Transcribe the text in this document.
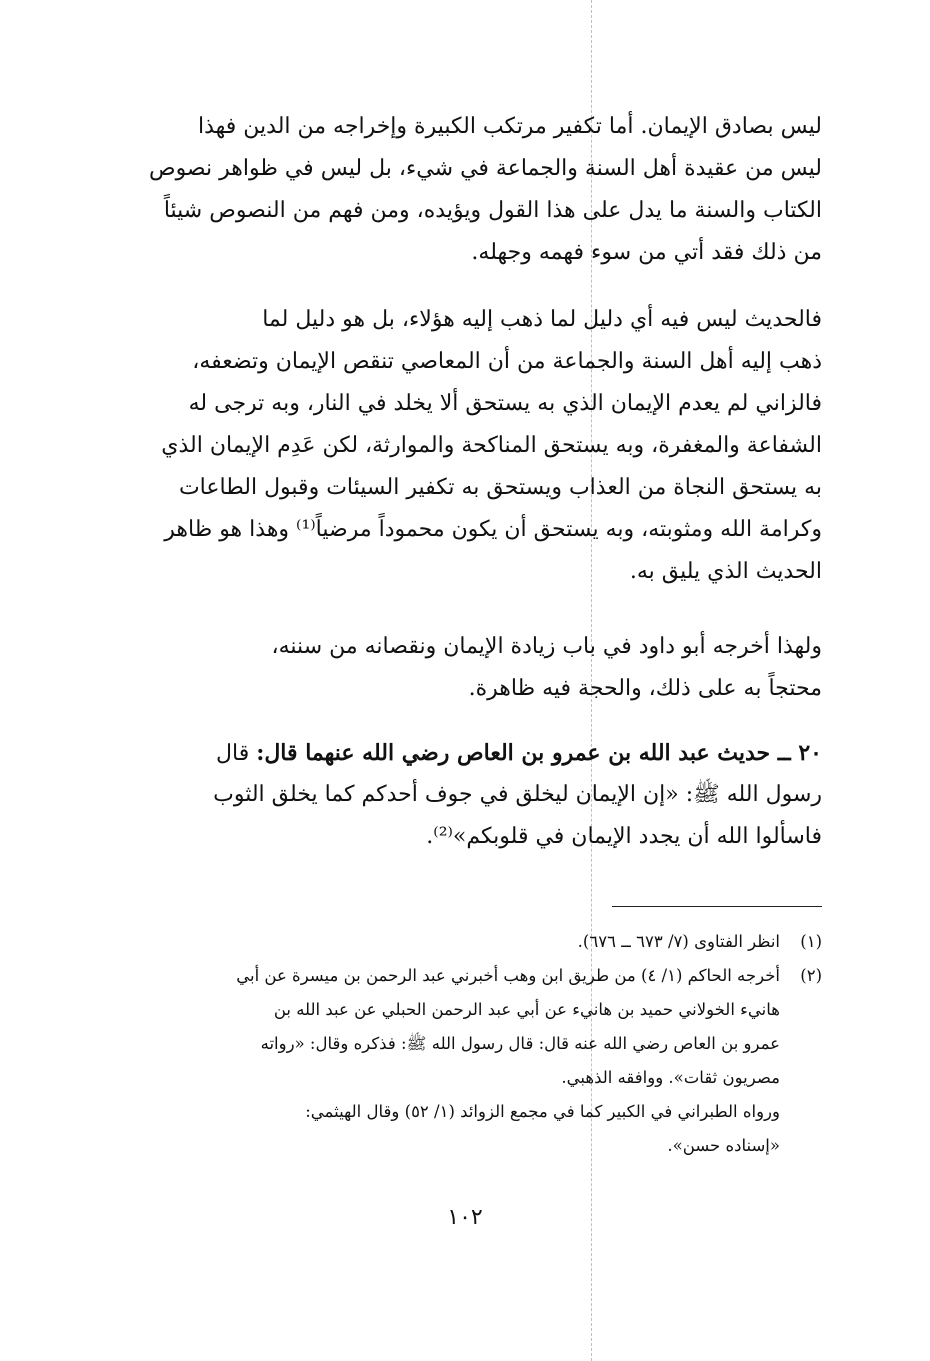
ليس بصادق الإيمان. أما تكفير مرتكب الكبيرة وإخراجه من الدين فهذا
ليس من عقيدة أهل السنة والجماعة في شيء، بل ليس في ظواهر نصوص
الكتاب والسنة ما يدل على هذا القول ويؤيده، ومن فهم من النصوص شيئاً
من ذلك فقد أتي من سوء فهمه وجهله.
فالحديث ليس فيه أي دليل لما ذهب إليه هؤلاء، بل هو دليل لما
ذهب إليه أهل السنة والجماعة من أن المعاصي تنقص الإيمان وتضعفه،
فالزاني لم يعدم الإيمان الذي به يستحق ألا يخلد في النار، وبه ترجى له
الشفاعة والمغفرة، وبه يستحق المناكحة والموارثة، لكن عَدِم الإيمان الذي
به يستحق النجاة من العذاب ويستحق به تكفير السيئات وقبول الطاعات
وكرامة الله ومثوبته، وبه يستحق أن يكون محموداً مرضياً⁽¹⁾ وهذا هو ظاهر
الحديث الذي يليق به.
ولهذا أخرجه أبو داود في باب زيادة الإيمان ونقصانه من سننه،
محتجاً به على ذلك، والحجة فيه ظاهرة.
٢٠ ــ حديث عبد الله بن عمرو بن العاص رضي الله عنهما قال: قال
رسول الله ﷺ: «إن الإيمان ليخلق في جوف أحدكم كما يخلق الثوب
فاسألوا الله أن يجدد الإيمان في قلوبكم»⁽²⁾.
(١)
انظر الفتاوى (٧/ ٦٧٣ ــ ٦٧٦).
(٢)
أخرجه الحاكم (١/ ٤) من طريق ابن وهب أخبرني عبد الرحمن بن ميسرة عن أبي
هانيء الخولاني حميد بن هانيء عن أبي عبد الرحمن الحبلي عن عبد الله بن
عمرو بن العاص رضي الله عنه قال: قال رسول الله ﷺ: فذكره وقال: «رواته
مصريون ثقات». ووافقه الذهبي.
ورواه الطبراني في الكبير كما في مجمع الزوائد (١/ ٥٢) وقال الهيثمي:
«إسناده حسن».
١٠٢
